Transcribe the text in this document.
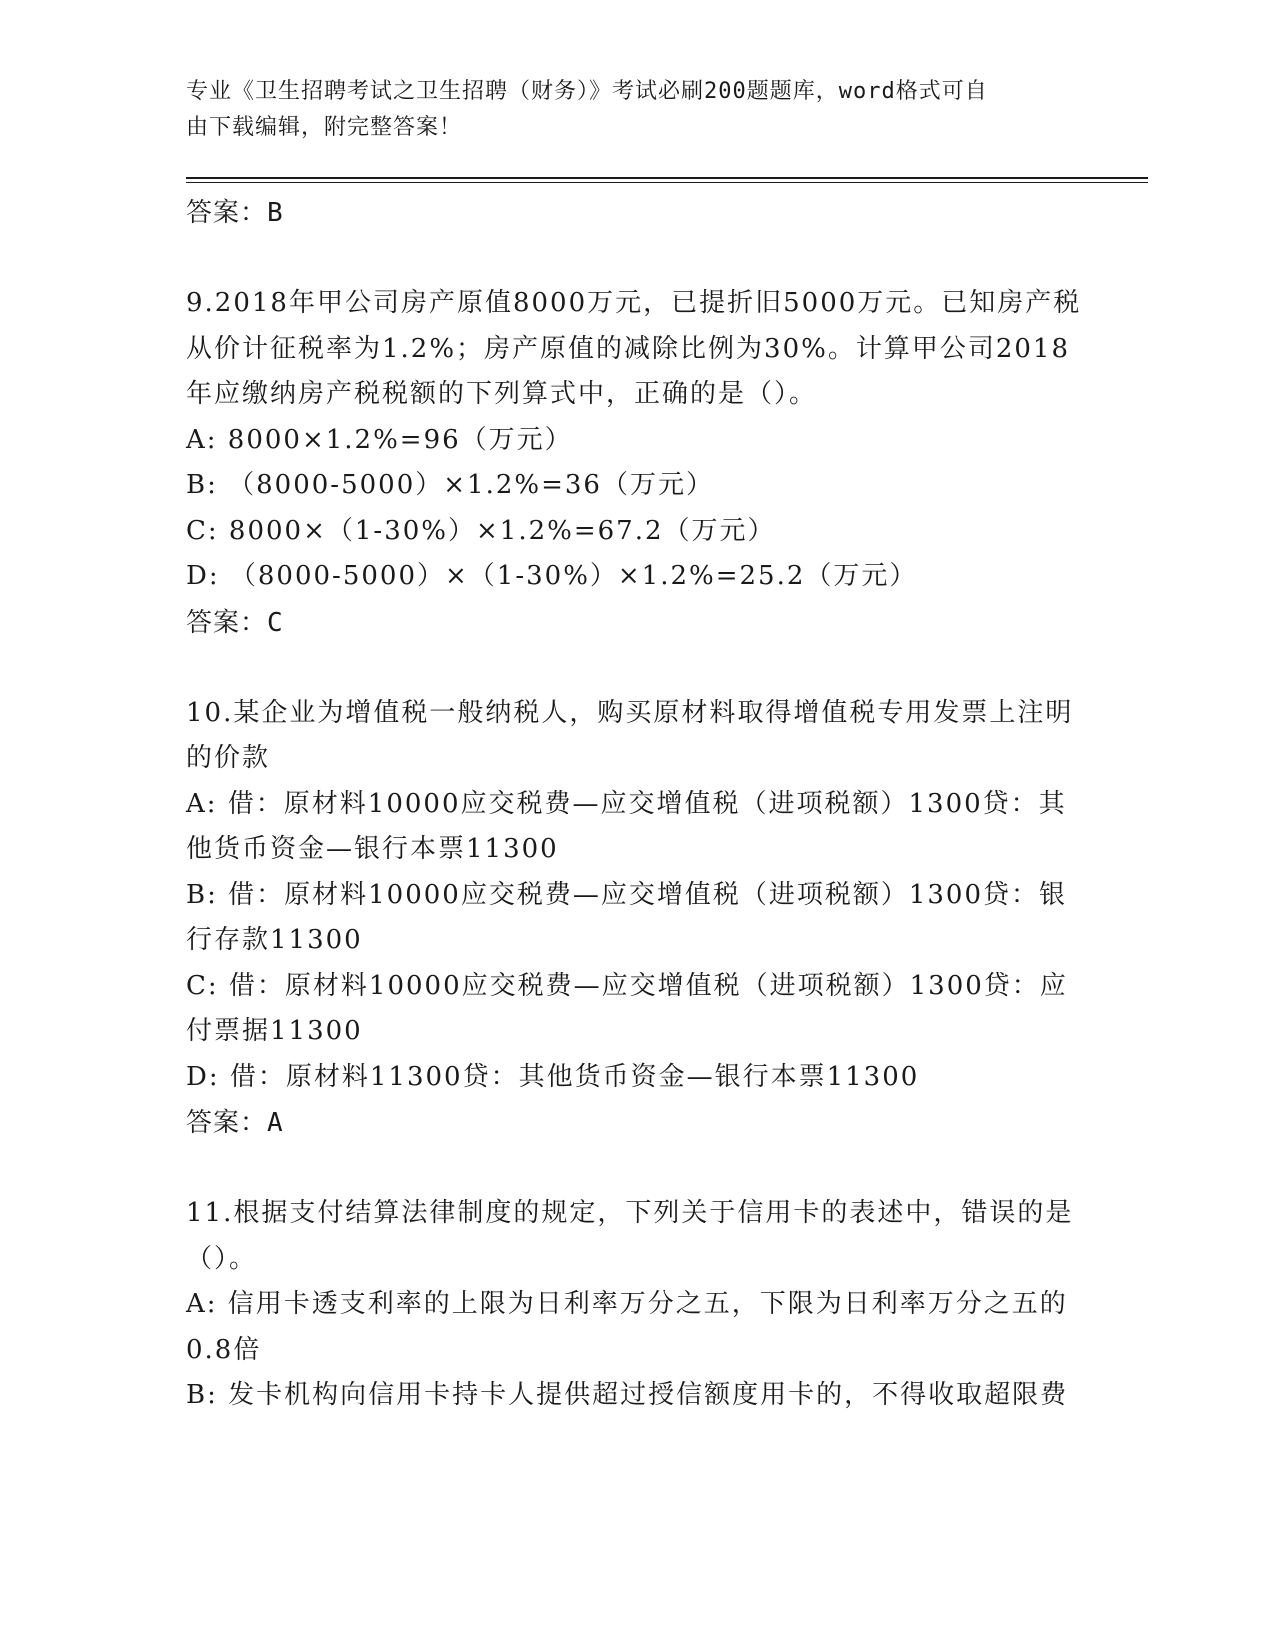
专业《卫生招聘考试之卫生招聘（财务）》考试必刷200题题库，word格式可自
由下载编辑，附完整答案！
答案：B
9.2018年甲公司房产原值8000万元，已提折旧5000万元。已知房产税从价计征税率为1.2%；房产原值的减除比例为30%。计算甲公司2018年应缴纳房产税税额的下列算式中，正确的是（）。
A: 8000×1.2%=96（万元）
B: （8000-5000）×1.2%=36（万元）
C: 8000×（1-30%）×1.2%=67.2（万元）
D: （8000-5000）×（1-30%）×1.2%=25.2（万元）
答案：C
10.某企业为增值税一般纳税人，购买原材料取得增值税专用发票上注明的价款
A: 借：原材料10000应交税费—应交增值税（进项税额）1300贷：其他货币资金—银行本票11300
B: 借：原材料10000应交税费—应交增值税（进项税额）1300贷：银行存款11300
C: 借：原材料10000应交税费—应交增值税（进项税额）1300贷：应付票据11300
D: 借：原材料11300贷：其他货币资金—银行本票11300
答案：A
11.根据支付结算法律制度的规定，下列关于信用卡的表述中，错误的是（）。
A: 信用卡透支利率的上限为日利率万分之五，下限为日利率万分之五的0.8倍
B: 发卡机构向信用卡持卡人提供超过授信额度用卡的，不得收取超限费
